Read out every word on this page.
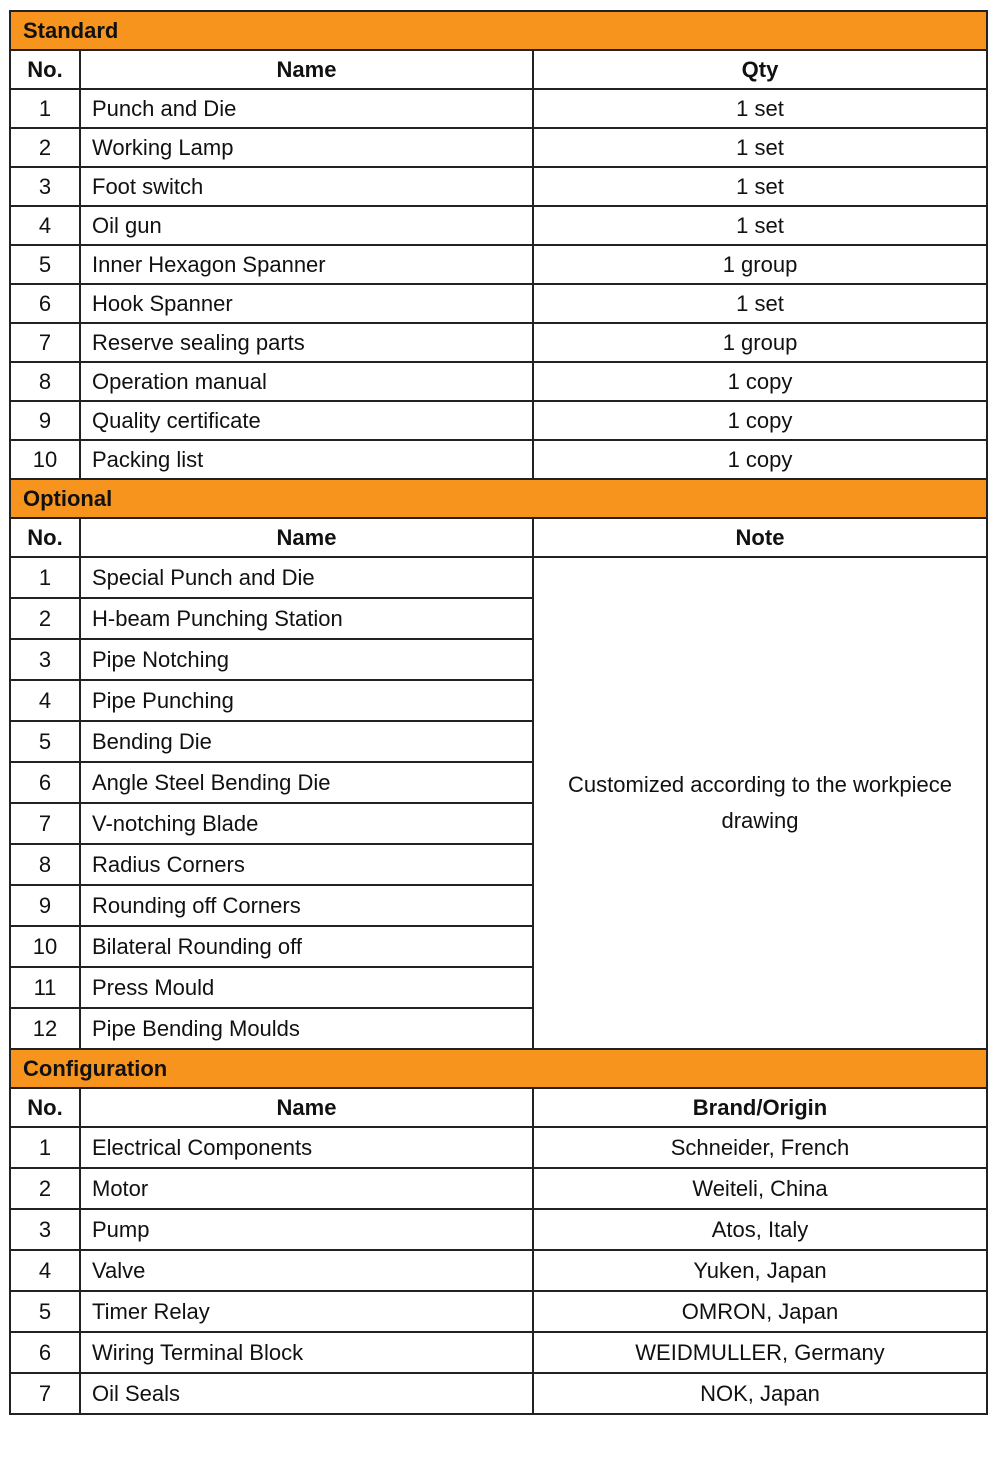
Standard		
No.	Name	Qty
1	Punch and Die	1 set
2	Working Lamp	1 set
3	Foot switch	1 set
4	Oil gun	1 set
5	Inner Hexagon Spanner	1 group
6	Hook Spanner	1 set
7	Reserve sealing parts	1 group
8	Operation manual	1 copy
9	Quality certificate	1 copy
10	Packing list	1 copy
Optional		
No.	Name	Note
1	Special Punch and Die	Customized according to the workpiece drawing
2	H-beam Punching Station	
3	Pipe Notching	
4	Pipe Punching	
5	Bending Die	
6	Angle Steel Bending Die	
7	V-notching Blade	
8	Radius Corners	
9	Rounding off Corners	
10	Bilateral Rounding off	
11	Press Mould	
12	Pipe Bending Moulds	
Configuration		
No.	Name	Brand/Origin
1	Electrical Components	Schneider, French
2	Motor	Weiteli, China
3	Pump	Atos, Italy
4	Valve	Yuken, Japan
5	Timer Relay	OMRON, Japan
6	Wiring Terminal Block	WEIDMULLER, Germany
7	Oil Seals	NOK, Japan
